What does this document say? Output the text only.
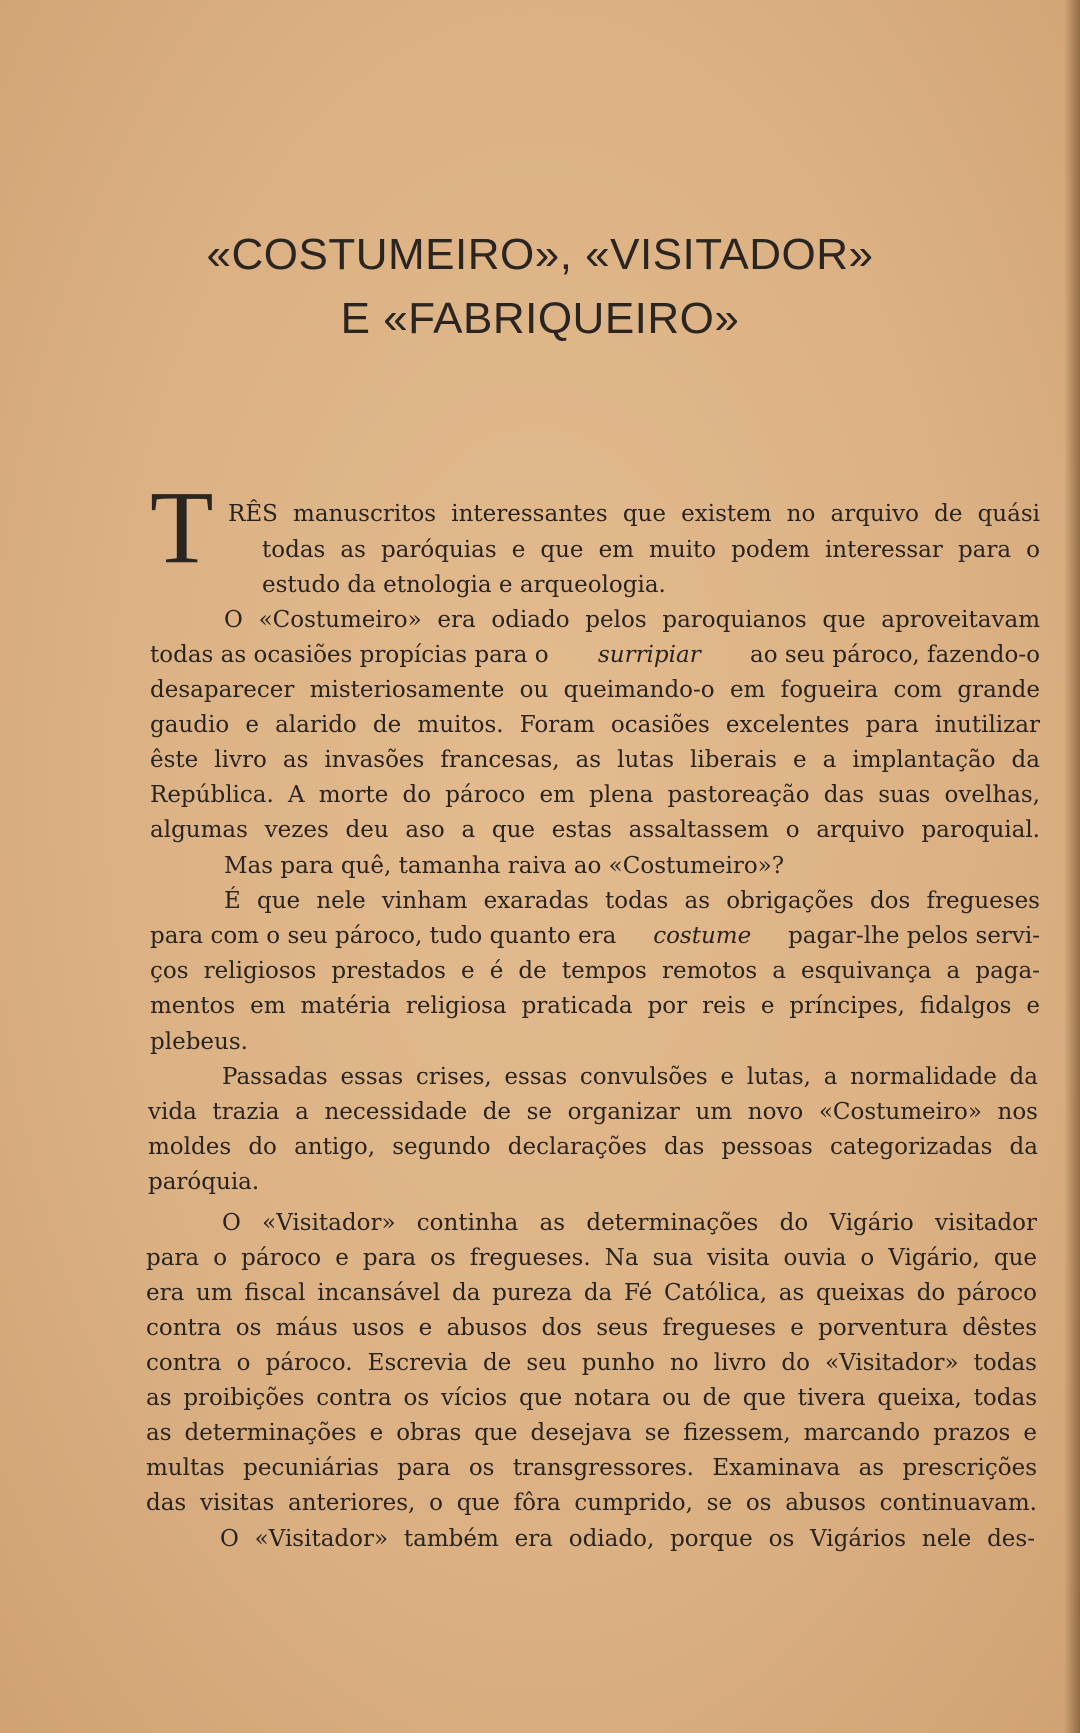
«COSTUMEIRO», «VISITADOR»
E «FABRIQUEIRO»
T RÊS manuscritos interessantes que existem no arquivo de quási
todas as paróquias e que em muito podem interessar para o
estudo da etnologia e arqueologia.
O «Costumeiro» era odiado pelos paroquianos que aproveitavam
todas as ocasiões propícias para o surripiar ao seu pároco, fazendo-o
desaparecer misteriosamente ou queimando-o em fogueira com grande
gaudio e alarido de muitos. Foram ocasiões excelentes para inutilizar
êste livro as invasões francesas, as lutas liberais e a implantação da
República. A morte do pároco em plena pastoreação das suas ovelhas,
algumas vezes deu aso a que estas assaltassem o arquivo paroquial.
Mas para quê, tamanha raiva ao «Costumeiro»?
É que nele vinham exaradas todas as obrigações dos fregueses
para com o seu pároco, tudo quanto era costume pagar-lhe pelos servi-
ços religiosos prestados e é de tempos remotos a esquivança a paga-
mentos em matéria religiosa praticada por reis e príncipes, fidalgos e
plebeus.
Passadas essas crises, essas convulsões e lutas, a normalidade da
vida trazia a necessidade de se organizar um novo «Costumeiro» nos
moldes do antigo, segundo declarações das pessoas categorizadas da
paróquia.
O «Visitador» continha as determinações do Vigário visitador
para o pároco e para os fregueses. Na sua visita ouvia o Vigário, que
era um fiscal incansável da pureza da Fé Católica, as queixas do pároco
contra os máus usos e abusos dos seus fregueses e porventura dêstes
contra o pároco. Escrevia de seu punho no livro do «Visitador» todas
as proibições contra os vícios que notara ou de que tivera queixa, todas
as determinações e obras que desejava se fizessem, marcando prazos e
multas pecuniárias para os transgressores. Examinava as prescrições
das visitas anteriores, o que fôra cumprido, se os abusos continuavam.
O «Visitador» também era odiado, porque os Vigários nele des-
